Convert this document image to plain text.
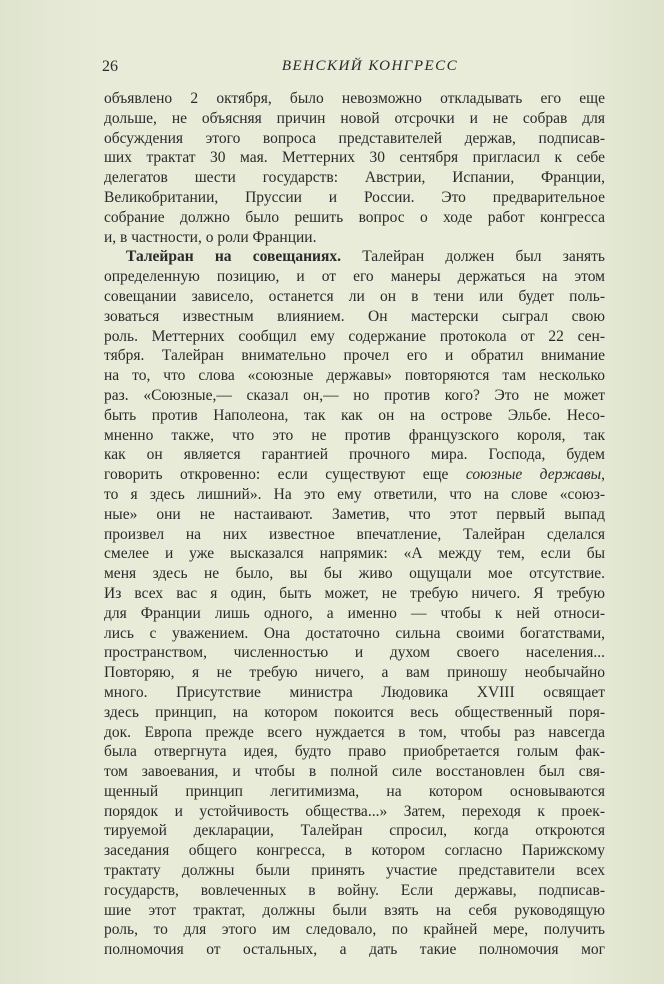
26	ВЕНСКИЙ КОНГРЕСС
объявлено 2 октября, было невозможно откладывать его еще
дольше, не объясняя причин новой отсрочки и не собрав для
обсуждения этого вопроса представителей держав, подписав-
ших трактат 30 мая. Меттерних 30 сентября пригласил к себе
делегатов шести государств: Австрии, Испании, Франции,
Великобритании, Пруссии и России. Это предварительное
собрание должно было решить вопрос о ходе работ конгресса
и, в частности, о роли Франции.
Талейран на совещаниях. Талейран должен был занять
определенную позицию, и от его манеры держаться на этом
совещании зависело, останется ли он в тени или будет поль-
зоваться известным влиянием. Он мастерски сыграл свою
роль. Меттерних сообщил ему содержание протокола от 22 сен-
тября. Талейран внимательно прочел его и обратил внимание
на то, что слова «союзные державы» повторяются там несколько
раз. «Союзные,— сказал он,— но против кого? Это не может
быть против Наполеона, так как он на острове Эльбе. Несо-
мненно также, что это не против французского короля, так
как он является гарантией прочного мира. Господа, будем
говорить откровенно: если существуют еще союзные державы,
то я здесь лишний». На это ему ответили, что на слове «союз-
ные» они не настаивают. Заметив, что этот первый выпад
произвел на них известное впечатление, Талейран сделался
смелее и уже высказался напрямик: «А между тем, если бы
меня здесь не было, вы бы живо ощущали мое отсутствие.
Из всех вас я один, быть может, не требую ничего. Я требую
для Франции лишь одного, а именно — чтобы к ней относи-
лись с уважением. Она достаточно сильна своими богатствами,
пространством, численностью и духом своего населения...
Повторяю, я не требую ничего, а вам приношу необычайно
много. Присутствие министра Людовика XVIII освящает
здесь принцип, на котором покоится весь общественный поря-
док. Европа прежде всего нуждается в том, чтобы раз навсегда
была отвергнута идея, будто право приобретается голым фак-
том завоевания, и чтобы в полной силе восстановлен был свя-
щенный принцип легитимизма, на котором основываются
порядок и устойчивость общества...» Затем, переходя к проек-
тируемой декларации, Талейран спросил, когда откроются
заседания общего конгресса, в котором согласно Парижскому
трактату должны были принять участие представители всех
государств, вовлеченных в войну. Если державы, подписав-
шие этот трактат, должны были взять на себя руководящую
роль, то для этого им следовало, по крайней мере, получить
полномочия от остальных, а дать такие полномочия мог
